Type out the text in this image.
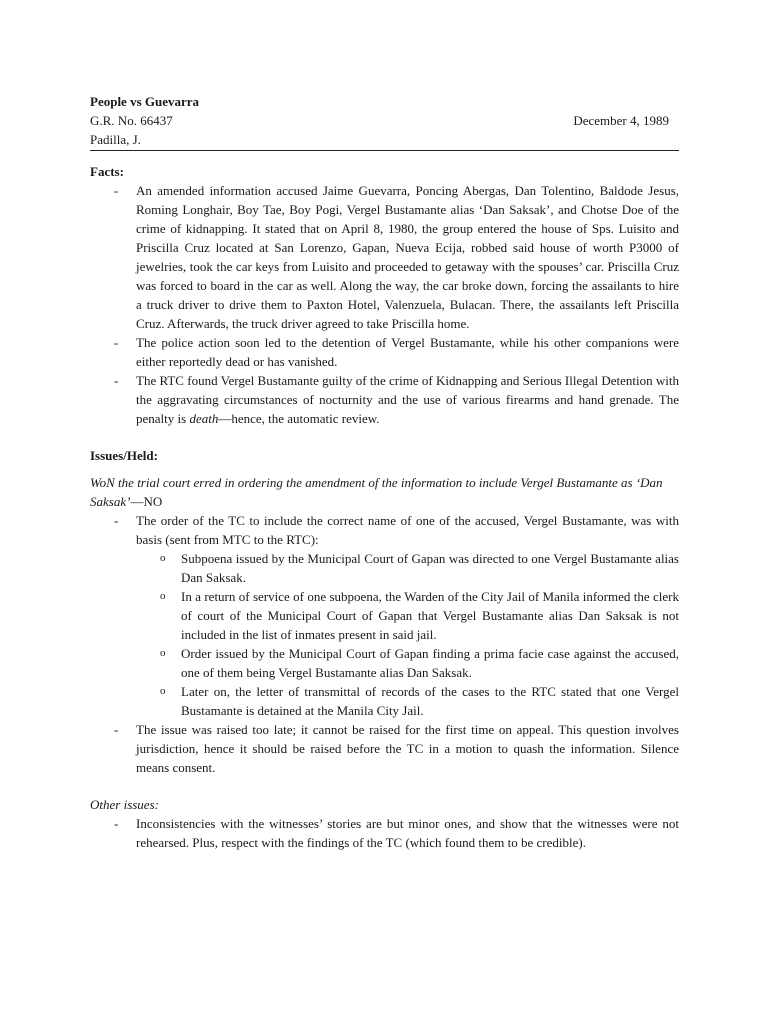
People vs Guevarra
G.R. No. 66437	December 4, 1989
Padilla, J.
Facts:
- An amended information accused Jaime Guevarra, Poncing Abergas, Dan Tolentino, Baldode Jesus, Roming Longhair, Boy Tae, Boy Pogi, Vergel Bustamante alias ‘Dan Saksak’, and Chotse Doe of the crime of kidnapping. It stated that on April 8, 1980, the group entered the house of Sps. Luisito and Priscilla Cruz located at San Lorenzo, Gapan, Nueva Ecija, robbed said house of worth P3000 of jewelries, took the car keys from Luisito and proceeded to getaway with the spouses’ car. Priscilla Cruz was forced to board in the car as well. Along the way, the car broke down, forcing the assailants to hire a truck driver to drive them to Paxton Hotel, Valenzuela, Bulacan. There, the assailants left Priscilla Cruz. Afterwards, the truck driver agreed to take Priscilla home.
- The police action soon led to the detention of Vergel Bustamante, while his other companions were either reportedly dead or has vanished.
- The RTC found Vergel Bustamante guilty of the crime of Kidnapping and Serious Illegal Detention with the aggravating circumstances of nocturnity and the use of various firearms and hand grenade. The penalty is death—hence, the automatic review.
Issues/Held:
WoN the trial court erred in ordering the amendment of the information to include Vergel Bustamante as ‘Dan Saksak’—NO
- The order of the TC to include the correct name of one of the accused, Vergel Bustamante, was with basis (sent from MTC to the RTC):
o Subpoena issued by the Municipal Court of Gapan was directed to one Vergel Bustamante alias Dan Saksak.
o In a return of service of one subpoena, the Warden of the City Jail of Manila informed the clerk of court of the Municipal Court of Gapan that Vergel Bustamante alias Dan Saksak is not included in the list of inmates present in said jail.
o Order issued by the Municipal Court of Gapan finding a prima facie case against the accused, one of them being Vergel Bustamante alias Dan Saksak.
o Later on, the letter of transmittal of records of the cases to the RTC stated that one Vergel Bustamante is detained at the Manila City Jail.
- The issue was raised too late; it cannot be raised for the first time on appeal. This question involves jurisdiction, hence it should be raised before the TC in a motion to quash the information. Silence means consent.
Other issues:
- Inconsistencies with the witnesses’ stories are but minor ones, and show that the witnesses were not rehearsed. Plus, respect with the findings of the TC (which found them to be credible).
